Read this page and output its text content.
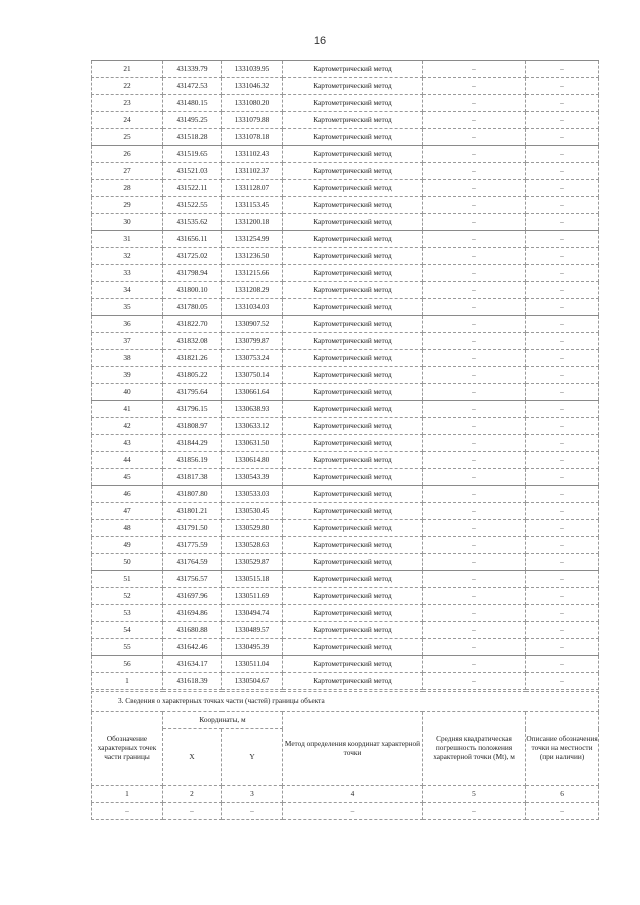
16
21	431339.79	1331039.95	Картометрический метод	–	–
22	431472.53	1331046.32	Картометрический метод	–	–
23	431480.15	1331080.20	Картометрический метод	–	–
24	431495.25	1331079.88	Картометрический метод	–	–
25	431518.28	1331078.18	Картометрический метод	–	–
26	431519.65	1331102.43	Картометрический метод	–	–
27	431521.03	1331102.37	Картометрический метод	–	–
28	431522.11	1331128.07	Картометрический метод	–	–
29	431522.55	1331153.45	Картометрический метод	–	–
30	431535.62	1331200.18	Картометрический метод	–	–
31	431656.11	1331254.99	Картометрический метод	–	–
32	431725.02	1331236.50	Картометрический метод	–	–
33	431798.94	1331215.66	Картометрический метод	–	–
34	431800.10	1331208.29	Картометрический метод	–	–
35	431780.05	1331034.03	Картометрический метод	–	–
36	431822.70	1330907.52	Картометрический метод	–	–
37	431832.08	1330799.87	Картометрический метод	–	–
38	431821.26	1330753.24	Картометрический метод	–	–
39	431805.22	1330750.14	Картометрический метод	–	–
40	431795.64	1330661.64	Картометрический метод	–	–
41	431796.15	1330638.93	Картометрический метод	–	–
42	431808.97	1330633.12	Картометрический метод	–	–
43	431844.29	1330631.50	Картометрический метод	–	–
44	431856.19	1330614.80	Картометрический метод	–	–
45	431817.38	1330543.39	Картометрический метод	–	–
46	431807.80	1330533.03	Картометрический метод	–	–
47	431801.21	1330530.45	Картометрический метод	–	–
48	431791.50	1330529.80	Картометрический метод	–	–
49	431775.59	1330528.63	Картометрический метод	–	–
50	431764.59	1330529.87	Картометрический метод	–	–
51	431756.57	1330515.18	Картометрический метод	–	–
52	431697.96	1330511.69	Картометрический метод	–	–
53	431694.86	1330494.74	Картометрический метод	–	–
54	431680.88	1330489.57	Картометрический метод	–	–
55	431642.46	1330495.39	Картометрический метод	–	–
56	431634.17	1330511.04	Картометрический метод	–	–
1	431618.39	1330504.67	Картометрический метод	–	–
3. Сведения о характерных точках части (частей) границы объекта					
Обозначение характерных точек части границы	Координаты, м		Метод определения координат характерной точки	Средняя квадратическая погрешность положения характерной точки (Mt), м	Описание обозначения точки на местности (при наличии)
	X	Y			
1	2	3	4	5	6
–	–	–	–	–	–
